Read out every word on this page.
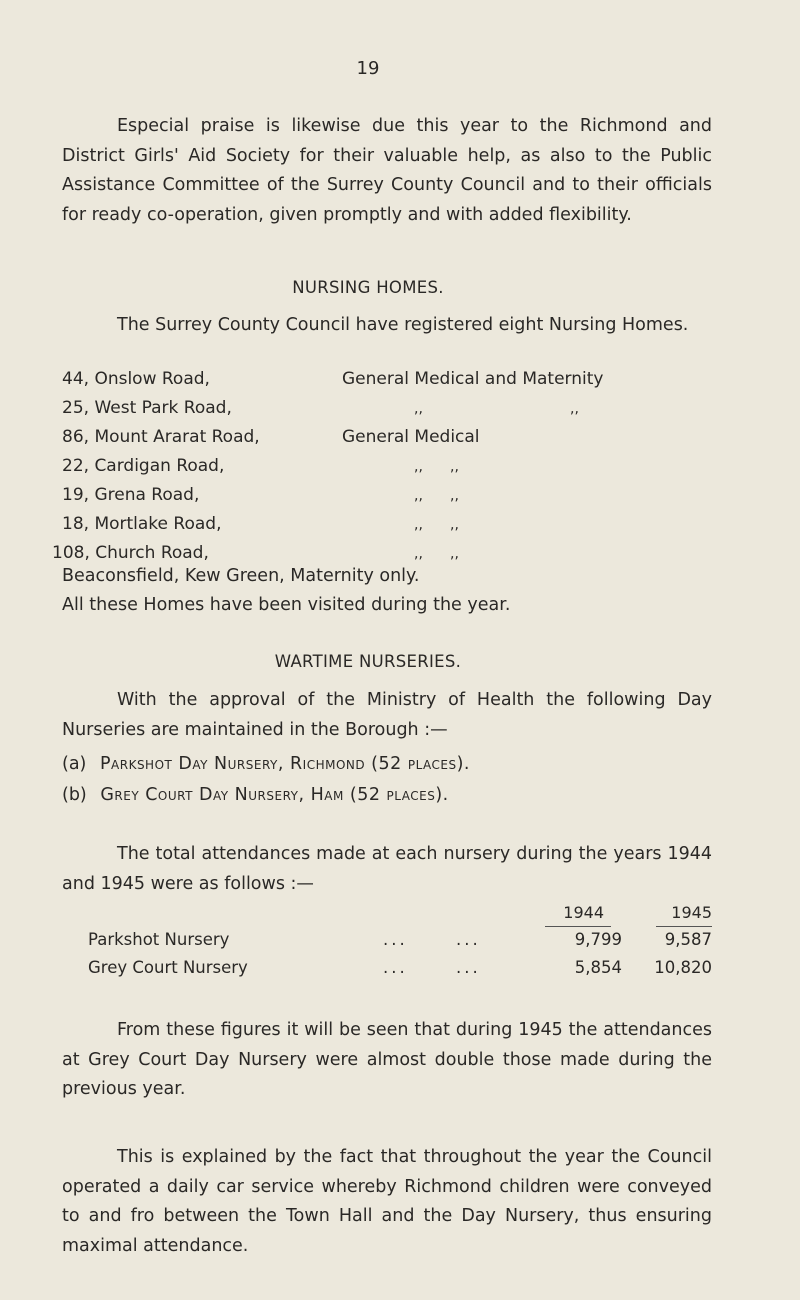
19

Especial praise is likewise due this year to the Richmond and District Girls' Aid Society for their valuable help, as also to the Public Assistance Committee of the Surrey County Council and to their officials for ready co-operation, given promptly and with added flexibility.

NURSING HOMES.

The Surrey County Council have registered eight Nursing Homes.

44, Onslow Road,	General Medical and Maternity
25, West Park Road,	,,	,,
86, Mount Ararat Road,	General Medical
22, Cardigan Road,	,, ,,
19, Grena Road,	,, ,,
18, Mortlake Road,	,, ,,
108, Church Road,	,, ,,
Beaconsfield, Kew Green, Maternity only.
All these Homes have been visited during the year.
WARTIME NURSERIES.

With the approval of the Ministry of Health the following Day Nurseries are maintained in the Borough :—

(a) Parkshot Day Nursery, Richmond (52 places).
(b) Grey Court Day Nursery, Ham (52 places).

The total attendances made at each nursery during the years 1944 and 1945 were as follows :—

1944	1945
Parkshot Nursery	...	...	9,799	9,587
Grey Court Nursery	...	...	5,854 10,820

From these figures it will be seen that during 1945 the attendances at Grey Court Day Nursery were almost double those made during the previous year.

This is explained by the fact that throughout the year the Council operated a daily car service whereby Richmond children were conveyed to and fro between the Town Hall and the Day Nursery, thus ensuring maximal attendance.
